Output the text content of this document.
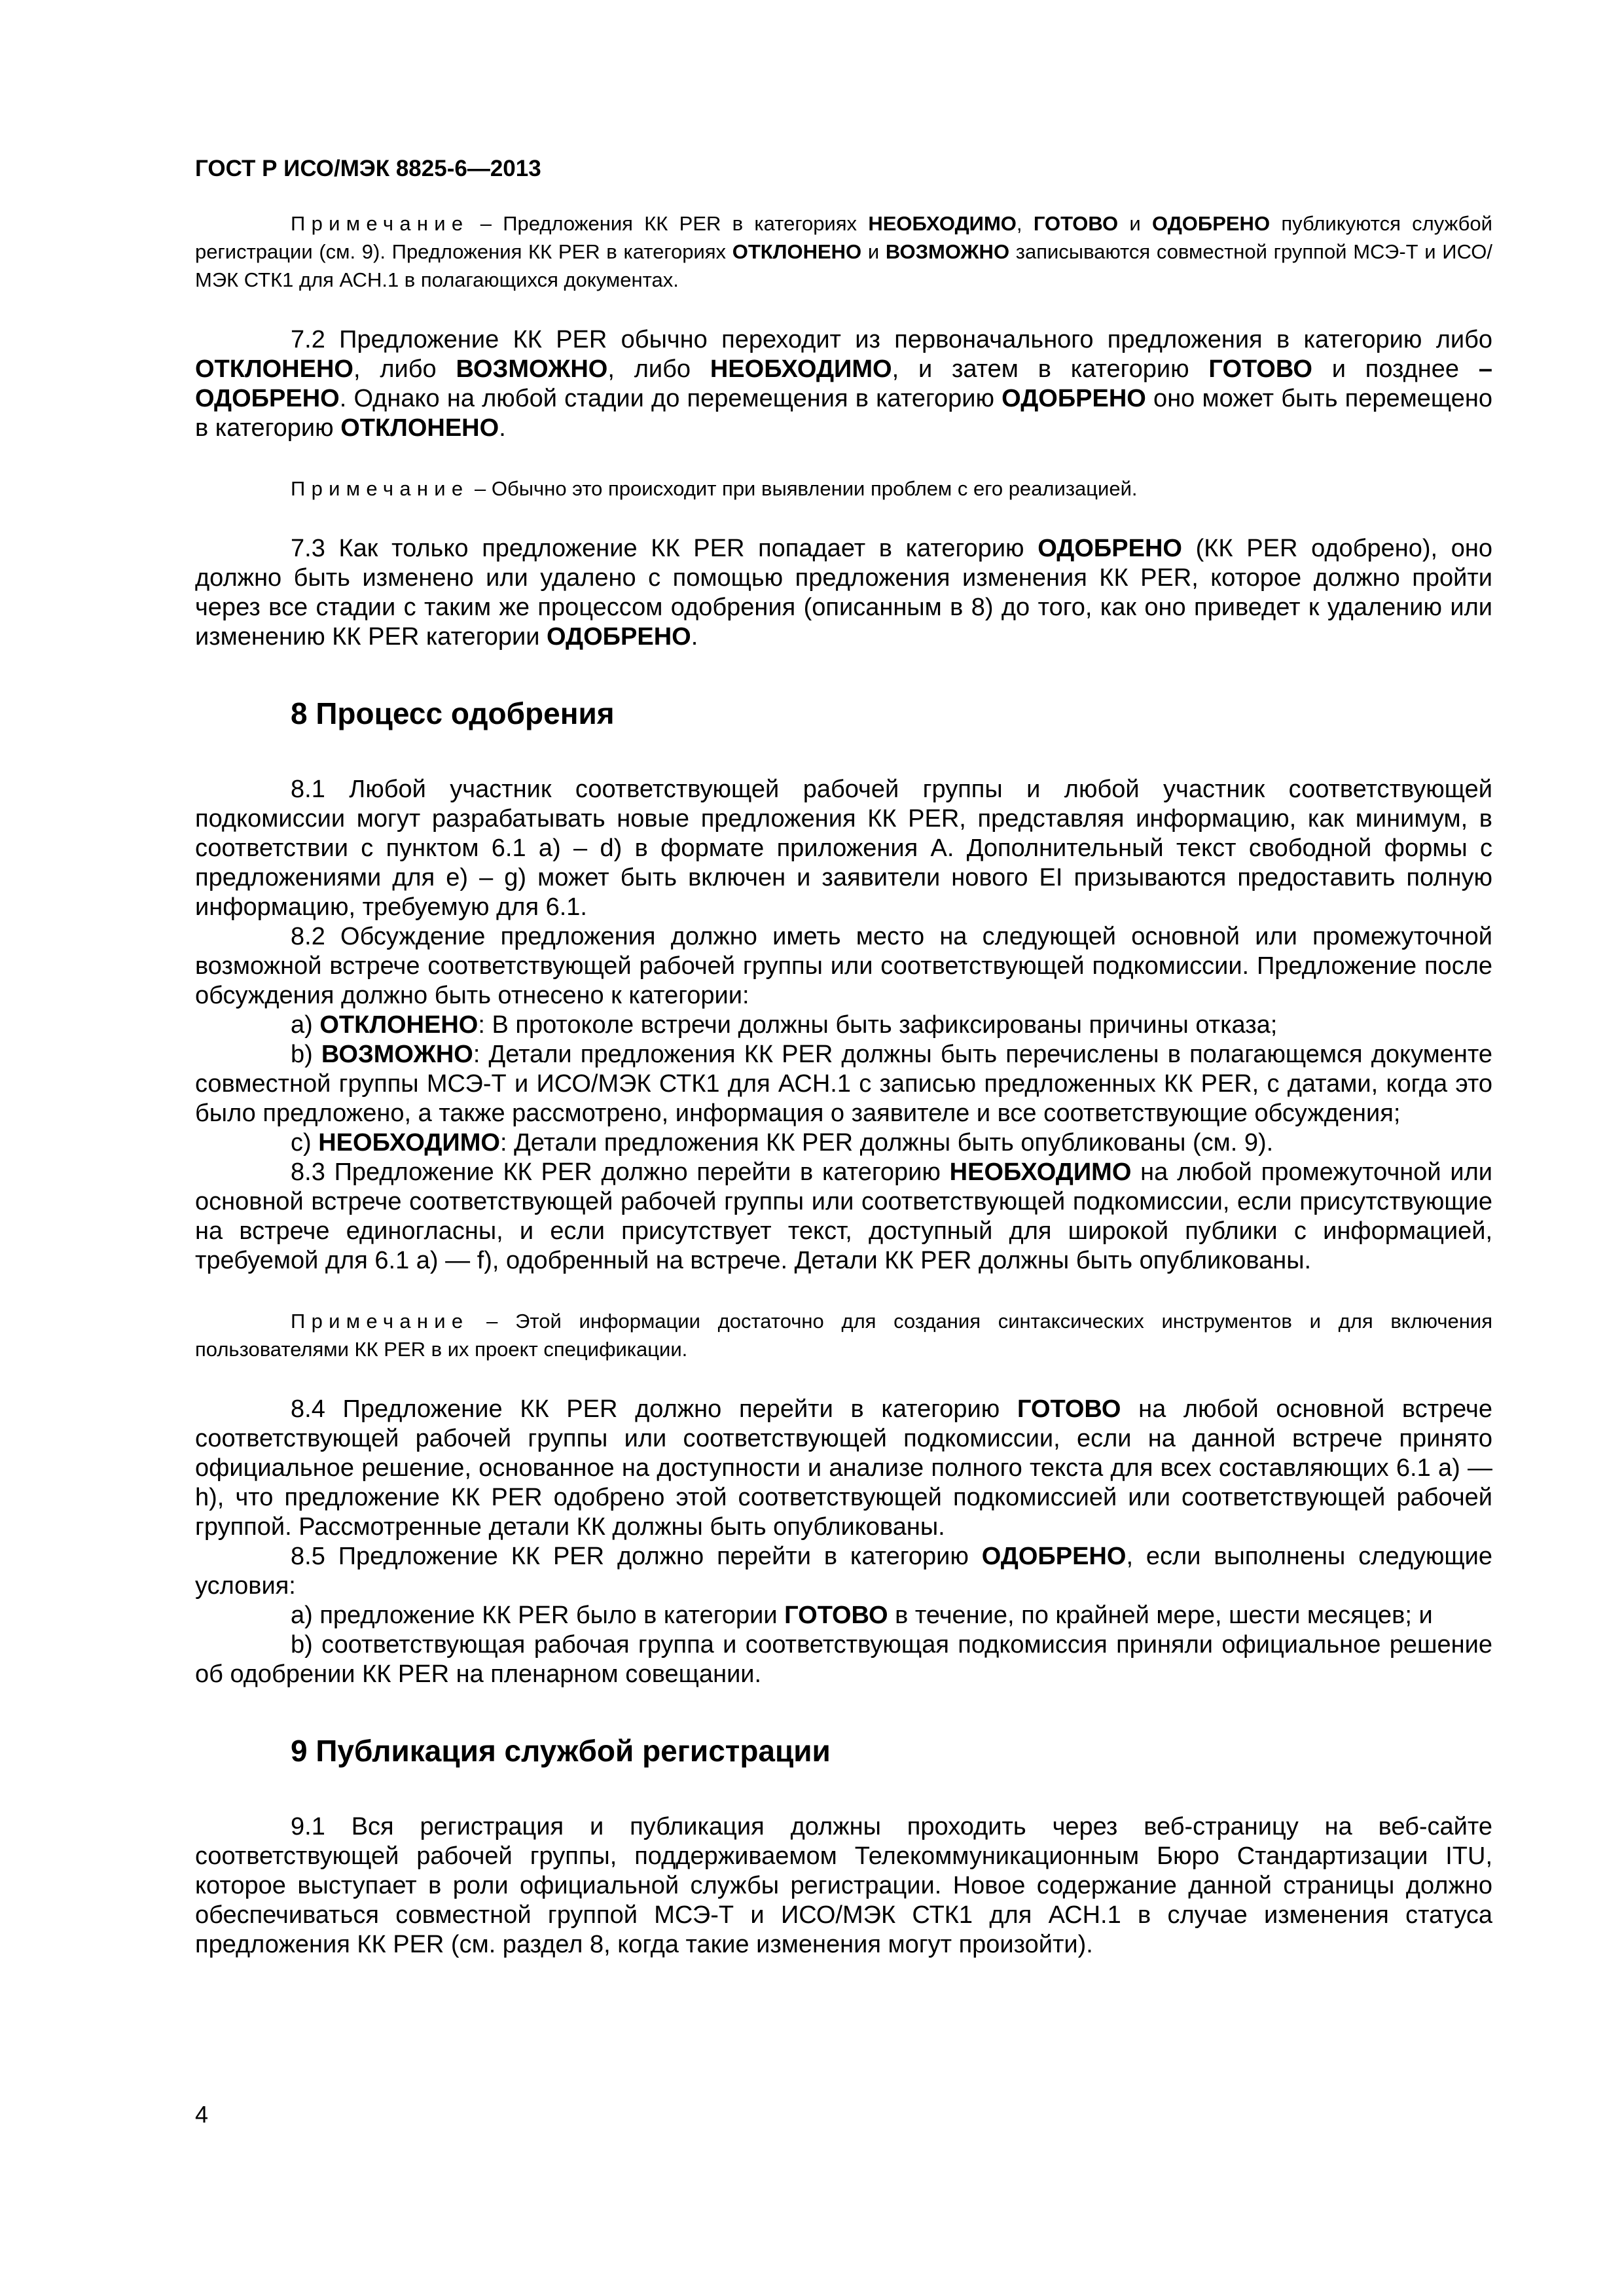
ГОСТ Р ИСО/МЭК 8825-6—2013

Примечание – Предложения КК PER в категориях НЕОБХОДИМО, ГОТОВО и ОДОБРЕНО публикуются службой регистрации (см. 9). Предложения КК PER в категориях ОТКЛОНЕНО и ВОЗМОЖНО записываются совместной группой МСЭ-Т и ИСО/МЭК СТК1 для АСН.1 в полагающихся документах.

7.2 Предложение КК PER обычно переходит из первоначального предложения в категорию либо ОТКЛОНЕНО, либо ВОЗМОЖНО, либо НЕОБХОДИМО, и затем в категорию ГОТОВО и позднее – ОДОБРЕНО. Однако на любой стадии до перемещения в категорию ОДОБРЕНО оно может быть перемещено в категорию ОТКЛОНЕНО.

Примечание – Обычно это происходит при выявлении проблем с его реализацией.

7.3 Как только предложение КК PER попадает в категорию ОДОБРЕНО (КК PER одобрено), оно должно быть изменено или удалено с помощью предложения изменения КК PER, которое должно пройти через все стадии с таким же процессом одобрения (описанным в 8) до того, как оно приведет к удалению или изменению КК PER категории ОДОБРЕНО.

8 Процесс одобрения

8.1 Любой участник соответствующей рабочей группы и любой участник соответствующей подкомиссии могут разрабатывать новые предложения КК PER, представляя информацию, как минимум, в соответствии с пунктом 6.1 а) – d) в формате приложения А. Дополнительный текст свободной формы с предложениями для е) – g) может быть включен и заявители нового EI призываются предоставить полную информацию, требуемую для 6.1.

8.2 Обсуждение предложения должно иметь место на следующей основной или промежуточной возможной встрече соответствующей рабочей группы или соответствующей подкомиссии. Предложение после обсуждения должно быть отнесено к категории:

a) ОТКЛОНЕНО: В протоколе встречи должны быть зафиксированы причины отказа;

b) ВОЗМОЖНО: Детали предложения КК PER должны быть перечислены в полагающемся документе совместной группы МСЭ-Т и ИСО/МЭК СТК1 для АСН.1 с записью предложенных КК PER, с датами, когда это было предложено, а также рассмотрено, информация о заявителе и все соответствующие обсуждения;

c) НЕОБХОДИМО: Детали предложения КК PER должны быть опубликованы (см. 9).

8.3 Предложение КК PER должно перейти в категорию НЕОБХОДИМО на любой промежуточной или основной встрече соответствующей рабочей группы или соответствующей подкомиссии, если присутствующие на встрече единогласны, и если присутствует текст, доступный для широкой публики с информацией, требуемой для 6.1 а) — f), одобренный на встрече. Детали КК PER должны быть опубликованы.

Примечание – Этой информации достаточно для создания синтаксических инструментов и для включения пользователями КК PER в их проект спецификации.

8.4 Предложение КК PER должно перейти в категорию ГОТОВО на любой основной встрече соответствующей рабочей группы или соответствующей подкомиссии, если на данной встрече принято официальное решение, основанное на доступности и анализе полного текста для всех составляющих 6.1 а) — h), что предложение КК PER одобрено этой соответствующей подкомиссией или соответствующей рабочей группой. Рассмотренные детали КК должны быть опубликованы.

8.5 Предложение КК PER должно перейти в категорию ОДОБРЕНО, если выполнены следующие условия:

а) предложение КК PER было в категории ГОТОВО в течение, по крайней мере, шести месяцев; и

b) соответствующая рабочая группа и соответствующая подкомиссия приняли официальное решение об одобрении КК PER на пленарном совещании.

9 Публикация службой регистрации

9.1 Вся регистрация и публикация должны проходить через веб-страницу на веб-сайте соответствующей рабочей группы, поддерживаемом Телекоммуникационным Бюро Стандартизации ITU, которое выступает в роли официальной службы регистрации. Новое содержание данной страницы должно обеспечиваться совместной группой МСЭ-Т и ИСО/МЭК СТК1 для АСН.1 в случае изменения статуса предложения КК PER (см. раздел 8, когда такие изменения могут произойти).

4
